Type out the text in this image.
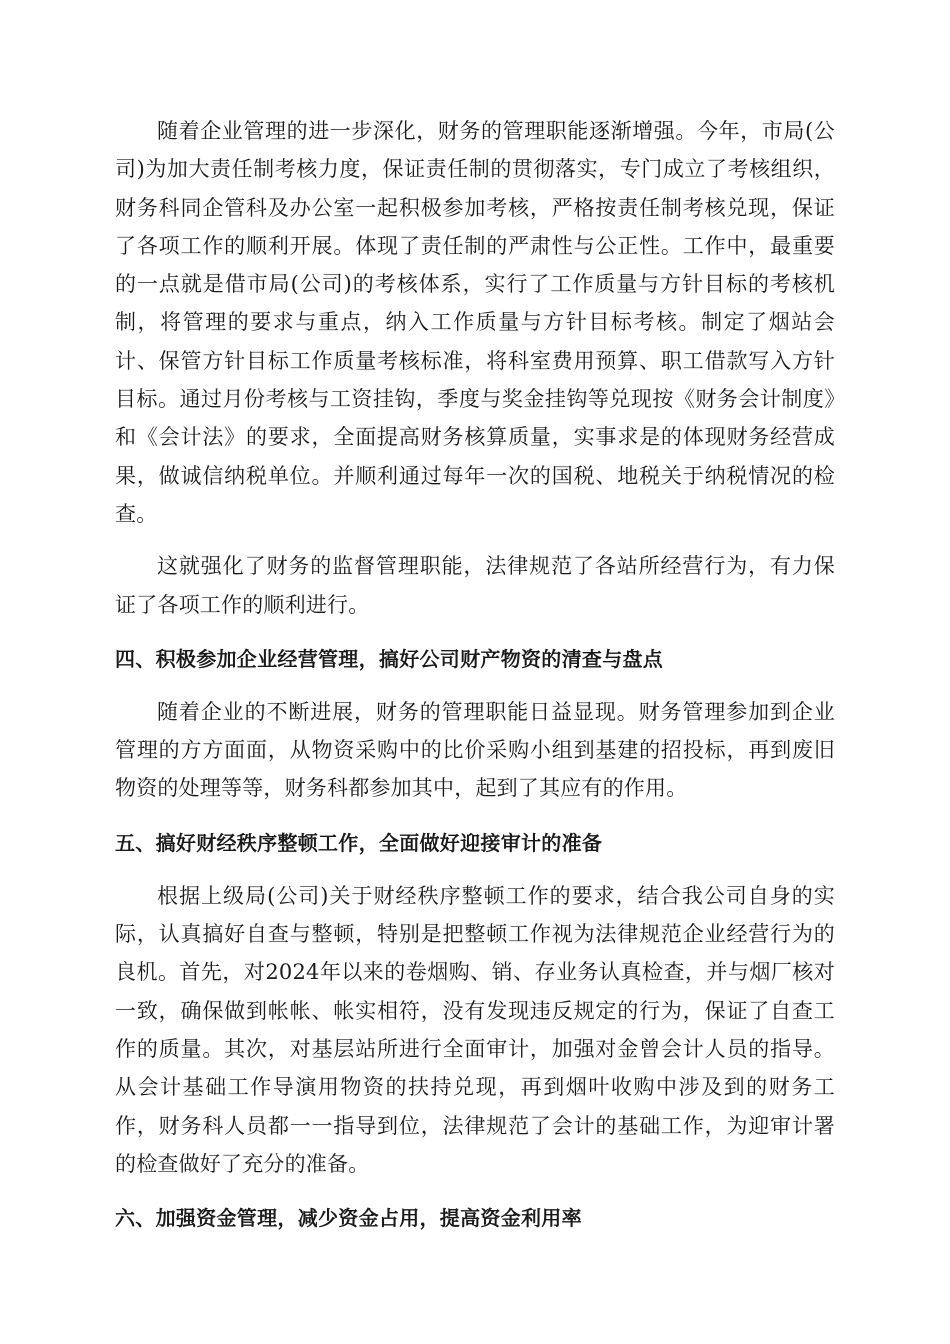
随着企业管理的进一步深化，财务的管理职能逐渐增强。今年，市局(公司)为加大责任制考核力度，保证责任制的贯彻落实，专门成立了考核组织，财务科同企管科及办公室一起积极参加考核，严格按责任制考核兑现，保证了各项工作的顺利开展。体现了责任制的严肃性与公正性。工作中，最重要的一点就是借市局(公司)的考核体系，实行了工作质量与方针目标的考核机制，将管理的要求与重点，纳入工作质量与方针目标考核。制定了烟站会计、保管方针目标工作质量考核标准，将科室费用预算、职工借款写入方针目标。通过月份考核与工资挂钩，季度与奖金挂钩等兑现按《财务会计制度》和《会计法》的要求，全面提高财务核算质量，实事求是的体现财务经营成果，做诚信纳税单位。并顺利通过每年一次的国税、地税关于纳税情况的检查。

这就强化了财务的监督管理职能，法律规范了各站所经营行为，有力保证了各项工作的顺利进行。

四、积极参加企业经营管理，搞好公司财产物资的清查与盘点

随着企业的不断进展，财务的管理职能日益显现。财务管理参加到企业管理的方方面面，从物资采购中的比价采购小组到基建的招投标，再到废旧物资的处理等等，财务科都参加其中，起到了其应有的作用。

五、搞好财经秩序整顿工作，全面做好迎接审计的准备

根据上级局(公司)关于财经秩序整顿工作的要求，结合我公司自身的实际，认真搞好自查与整顿，特别是把整顿工作视为法律规范企业经营行为的良机。首先，对2024年以来的卷烟购、销、存业务认真检查，并与烟厂核对一致，确保做到帐帐、帐实相符，没有发现违反规定的行为，保证了自查工作的质量。其次，对基层站所进行全面审计，加强对金曾会计人员的指导。从会计基础工作导演用物资的扶持兑现，再到烟叶收购中涉及到的财务工作，财务科人员都一一指导到位，法律规范了会计的基础工作，为迎审计署的检查做好了充分的准备。

六、加强资金管理，减少资金占用，提高资金利用率
